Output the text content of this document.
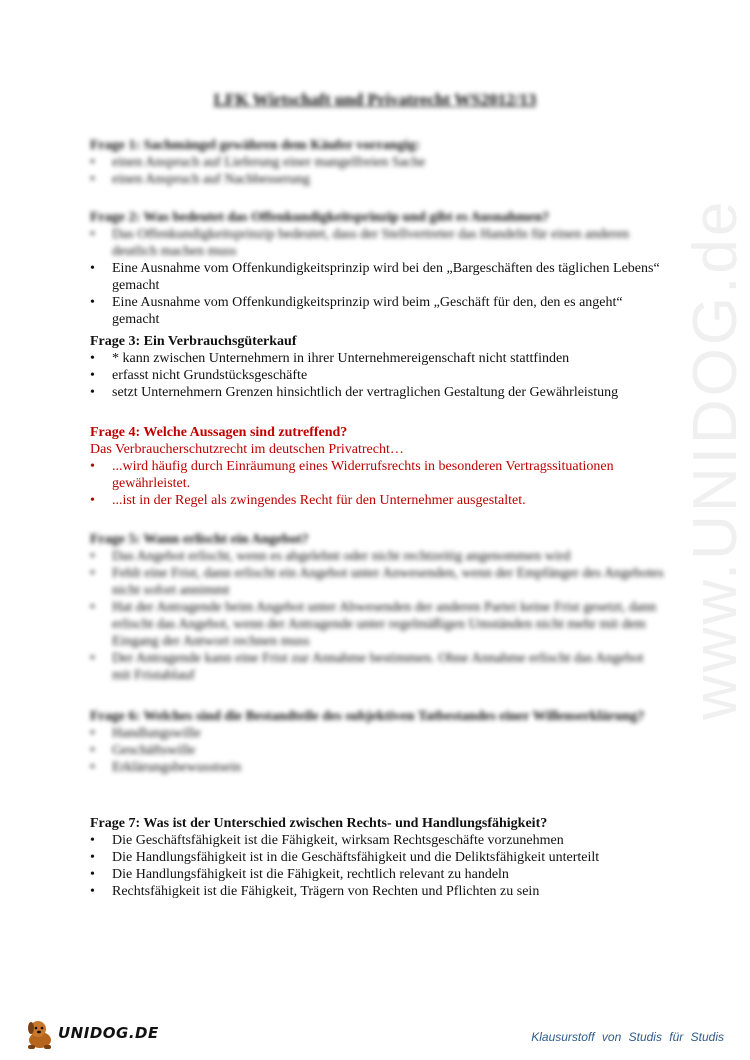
www.UNIDOG.de
LFK Wirtschaft und Privatrecht WS2012/13
Frage 1: Sachmängel gewähren dem Käufer vorrangig:
• einen Anspruch auf Lieferung einer mangelfreien Sache
• einen Anspruch auf Nachbesserung
Frage 2: Was bedeutet das Offenkundigkeitsprinzip und gibt es Ausnahmen?
• Das Offenkundigkeitsprinzip bedeutet, dass der Stellvertreter das Handeln für einen anderen deutlich machen muss
• Eine Ausnahme vom Offenkundigkeitsprinzip wird bei den „Bargeschäften des täglichen Lebens“ gemacht
• Eine Ausnahme vom Offenkundigkeitsprinzip wird beim „Geschäft für den, den es angeht“ gemacht
Frage 3: Ein Verbrauchsgüterkauf
• * kann zwischen Unternehmern in ihrer Unternehmereigenschaft nicht stattfinden
• erfasst nicht Grundstücksgeschäfte
• setzt Unternehmern Grenzen hinsichtlich der vertraglichen Gestaltung der Gewährleistung
Frage 4: Welche Aussagen sind zutreffend?
Das Verbraucherschutzrecht im deutschen Privatrecht…
• ...wird häufig durch Einräumung eines Widerrufsrechts in besonderen Vertragssituationen gewährleistet.
• ...ist in der Regel als zwingendes Recht für den Unternehmer ausgestaltet.
Frage 5: Wann erlischt ein Angebot?
• Das Angebot erlischt, wenn es abgelehnt oder nicht rechtzeitig angenommen wird
• Fehlt eine Frist, dann erlischt ein Angebot unter Anwesenden, wenn der Empfänger des Angebotes nicht sofort annimmt
• Hat der Antragende beim Angebot unter Abwesenden der anderen Partei keine Frist gesetzt, dann erlischt das Angebot, wenn der Antragende unter regelmäßigen Umständen nicht mehr mit dem Eingang der Antwort rechnen muss
• Der Antragende kann eine Frist zur Annahme bestimmen. Ohne Annahme erlischt das Angebot mit Fristablauf
Frage 6: Welches sind die Bestandteile des subjektiven Tatbestandes einer Willenserklärung?
• Handlungswille
• Geschäftswille
• Erklärungsbewusstsein
Frage 7: Was ist der Unterschied zwischen Rechts- und Handlungsfähigkeit?
• Die Geschäftsfähigkeit ist die Fähigkeit, wirksam Rechtsgeschäfte vorzunehmen
• Die Handlungsfähigkeit ist in die Geschäftsfähigkeit und die Deliktsfähigkeit unterteilt
• Die Handlungsfähigkeit ist die Fähigkeit, rechtlich relevant zu handeln
• Rechtsfähigkeit ist die Fähigkeit, Trägern von Rechten und Pflichten zu sein
UNIDOG.DE	Klausurstoff von Studis für Studis
